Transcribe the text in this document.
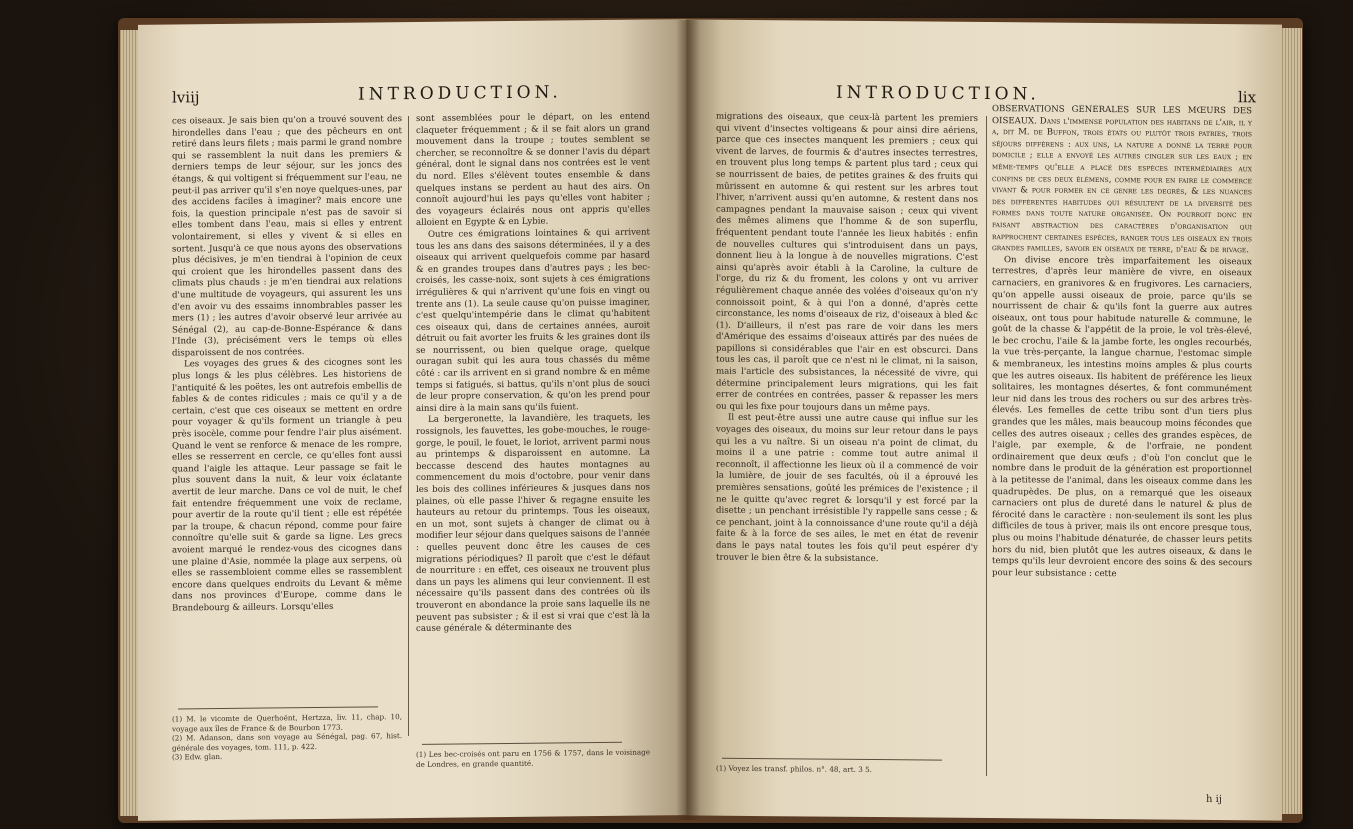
lviij	INTRODUCTION.

ces oiseaux. Je sais bien qu'on a trouvé souvent des hirondelles dans l'eau ; que des pêcheurs en ont retiré dans leurs filets ; mais parmi le grand nombre qui se rassemblent la nuit dans les premiers & derniers temps de leur séjour, sur les joncs des étangs, & qui voltigent si fréquemment sur l'eau, ne peut-il pas arriver qu'il s'en noye quelques-unes, par des accidens faciles à imaginer? mais encore une fois, la question principale n'est pas de savoir si elles tombent dans l'eau, mais si elles y entrent volontairement, si elles y vivent & si elles en sortent. Jusqu'à ce que nous ayons des observations plus décisives, je m'en tiendrai à l'opinion de ceux qui croient que les hirondelles passent dans des climats plus chauds : je m'en tiendrai aux relations d'une multitude de voyageurs, qui assurent les uns d'en avoir vu des essaims innombrables passer les mers (1) ; les autres d'avoir observé leur arrivée au Sénégal (2), au cap-de-Bonne-Espérance & dans l'Inde (3), précisément vers le temps où elles disparoissent de nos contrées.

Les voyages des grues & des cicognes sont les plus longs & les plus célèbres. Les historiens de l'antiquité & les poëtes, les ont autrefois embellis de fables & de contes ridicules ; mais ce qu'il y a de certain, c'est que ces oiseaux se mettent en ordre pour voyager & qu'ils forment un triangle à peu près isocèle, comme pour fendre l'air plus aisément. Quand le vent se renforce & menace de les rompre, elles se resserrent en cercle, ce qu'elles font aussi quand l'aigle les attaque. Leur passage se fait le plus souvent dans la nuit, & leur voix éclatante avertit de leur marche. Dans ce vol de nuit, le chef fait entendre fréquemment une voix de reclame, pour avertir de la route qu'il tient ; elle est répétée par la troupe, & chacun répond, comme pour faire connoître qu'elle suit & garde sa ligne. Les grecs avoient marqué le rendez-vous des cicognes dans une plaine d'Asie, nommée la plage aux serpens, où elles se rassembloient comme elles se rassemblent encore dans quelques endroits du Levant & même dans nos provinces d'Europe, comme dans le Brandebourg & ailleurs. Lorsqu'elles

sont assemblées pour le départ, on les entend claqueter fréquemment ; & il se fait alors un grand mouvement dans la troupe ; toutes semblent se chercher, se reconnoître & se donner l'avis du départ général, dont le signal dans nos contrées est le vent du nord. Elles s'élèvent toutes ensemble & dans quelques instans se perdent au haut des airs. On connoît aujourd'hui les pays qu'elles vont habiter ; des voyageurs éclairés nous ont appris qu'elles alloient en Egypte & en Lybie.

Outre ces émigrations lointaines & qui arrivent tous les ans dans des saisons déterminées, il y a des oiseaux qui arrivent quelquefois comme par hasard & en grandes troupes dans d'autres pays ; les bec-croisés, les casse-noix, sont sujets à ces émigrations irrégulières & qui n'arrivent qu'une fois en vingt ou trente ans (1). La seule cause qu'on puisse imaginer, c'est quelqu'intempérie dans le climat qu'habitent ces oiseaux qui, dans de certaines années, auroit détruit ou fait avorter les fruits & les graines dont ils se nourrissent, ou bien quelque orage, quelque ouragan subit qui les aura tous chassés du même côté : car ils arrivent en si grand nombre & en même temps si fatigués, si battus, qu'ils n'ont plus de souci de leur propre conservation, & qu'on les prend pour ainsi dire à la main sans qu'ils fuient.

La bergeronette, la lavandière, les traquets, les rossignols, les fauvettes, les gobe-mouches, le rouge-gorge, le pouil, le fouet, le loriot, arrivent parmi nous au printemps & disparoissent en automne. La beccasse descend des hautes montagnes au commencement du mois d'octobre, pour venir dans les bois des collines inférieures & jusques dans nos plaines, où elle passe l'hiver & regagne ensuite les hauteurs au retour du printemps. Tous les oiseaux, en un mot, sont sujets à changer de climat ou à modifier leur séjour dans quelques saisons de l'année : quelles peuvent donc être les causes de ces migrations périodiques? Il paroît que c'est le défaut de nourriture : en effet, ces oiseaux ne trouvent plus dans un pays les alimens qui leur conviennent. Il est nécessaire qu'ils passent dans des contrées où ils trouveront en abondance la proie sans laquelle ils ne peuvent pas subsister ; & il est si vrai que c'est là la cause générale & déterminante des

(1) M. le vicomte de Querhoënt, Hertzza, liv. 11, chap. 10, voyage aux îles de France & de Bourbon 1773.

(2) M. Adanson, dans son voyage au Sénégal, pag. 67, hist. générale des voyages, tom. 111, p. 422.

(3) Edw. glan.	(1) Les bec-croisés ont paru en 1756 & 1757, dans le voisinage de Londres, en grande quantité.

INTRODUCTION.	lix

migrations des oiseaux, que ceux-là partent les premiers qui vivent d'insectes voltigeans & pour ainsi dire aériens, parce que ces insectes manquent les premiers ; ceux qui vivent de larves, de fourmis & d'autres insectes terrestres, en trouvent plus long temps & partent plus tard ; ceux qui se nourrissent de baies, de petites graines & des fruits qui mûrissent en automne & qui restent sur les arbres tout l'hiver, n'arrivent aussi qu'en automne, & restent dans nos campagnes pendant la mauvaise saison ; ceux qui vivent des mêmes alimens que l'homme & de son superflu, fréquentent pendant toute l'année les lieux habités : enfin de nouvelles cultures qui s'introduisent dans un pays, donnent lieu à la longue à de nouvelles migrations. C'est ainsi qu'après avoir établi à la Caroline, la culture de l'orge, du riz & du froment, les colons y ont vu arriver régulièrement chaque année des volées d'oiseaux qu'on n'y connoissoit point, & à qui l'on a donné, d'après cette circonstance, les noms d'oiseaux de riz, d'oiseaux à bled &c (1). D'ailleurs, il n'est pas rare de voir dans les mers d'Amérique des essaims d'oiseaux attirés par des nuées de papillons si considérables que l'air en est obscurci. Dans tous les cas, il paroît que ce n'est ni le climat, ni la saison, mais l'article des subsistances, la nécessité de vivre, qui détermine principalement leurs migrations, qui les fait errer de contrées en contrées, passer & repasser les mers ou qui les fixe pour toujours dans un même pays.

Il est peut-être aussi une autre cause qui influe sur les voyages des oiseaux, du moins sur leur retour dans le pays qui les a vu naître. Si un oiseau n'a point de climat, du moins il a une patrie : comme tout autre animal il reconnoît, il affectionne les lieux où il a commencé de voir la lumière, de jouir de ses facultés, où il a éprouvé les premières sensations, goûté les prémices de l'existence ; il ne le quitte qu'avec regret & lorsqu'il y est forcé par la disette ; un penchant irrésistible l'y rappelle sans cesse ; & ce penchant, joint à la connoissance d'une route qu'il a déjà faite & à la force de ses ailes, le met en état de revenir dans le pays natal toutes les fois qu'il peut espérer d'y trouver le bien être & la subsistance.

OBSERVATIONS GÉNÉRALES SUR LES MŒURS DES OISEAUX. Dans l'immense population des habitans de l'air, il y a, dit M. de Buffon, trois états ou plutôt trois patries, trois séjours différens : aux uns, la nature a donné la terre pour domicile ; elle a envoyé les autres cingler sur les eaux ; en même-temps qu'elle a placé des espèces intermédiaires aux confins de ces deux élémens, comme pour en faire le commerce vivant & pour former en ce genre les degrés, & les nuances des différentes habitudes qui résultent de la diversité des formes dans toute nature organisée. On pourroit donc en faisant abstraction des caractères d'organisation qui rapprochent certaines espèces, ranger tous les oiseaux en trois grandes familles, savoir en oiseaux de terre, d'eau & de rivage.

On divise encore très imparfaitement les oiseaux terrestres, d'après leur manière de vivre, en oiseaux carnaciers, en granivores & en frugivores. Les carnaciers, qu'on appelle aussi oiseaux de proie, parce qu'ils se nourrissent de chair & qu'ils font la guerre aux autres oiseaux, ont tous pour habitude naturelle & commune, le goût de la chasse & l'appétit de la proie, le vol très-élevé, le bec crochu, l'aile & la jambe forte, les ongles recourbés, la vue très-perçante, la langue charnue, l'estomac simple & membraneux, les intestins moins amples & plus courts que les autres oiseaux. Ils habitent de préférence les lieux solitaires, les montagnes désertes, & font communément leur nid dans les trous des rochers ou sur des arbres très-élevés. Les femelles de cette tribu sont d'un tiers plus grandes que les mâles, mais beaucoup moins fécondes que celles des autres oiseaux ; celles des grandes espèces, de l'aigle, par exemple, & de l'orfraie, ne pondent ordinairement que deux œufs ; d'où l'on conclut que le nombre dans le produit de la génération est proportionnel à la petitesse de l'animal, dans les oiseaux comme dans les quadrupèdes. De plus, on a remarqué que les oiseaux carnaciers ont plus de dureté dans le naturel & plus de férocité dans le caractère : non-seulement ils sont les plus difficiles de tous à priver, mais ils ont encore presque tous, plus ou moins l'habitude dénaturée, de chasser leurs petits hors du nid, bien plutôt que les autres oiseaux, & dans le temps qu'ils leur devroient encore des soins & des secours pour leur subsistance : cette

(1) Voyez les transf. philos. n°. 48, art. 3 5.

h ij
